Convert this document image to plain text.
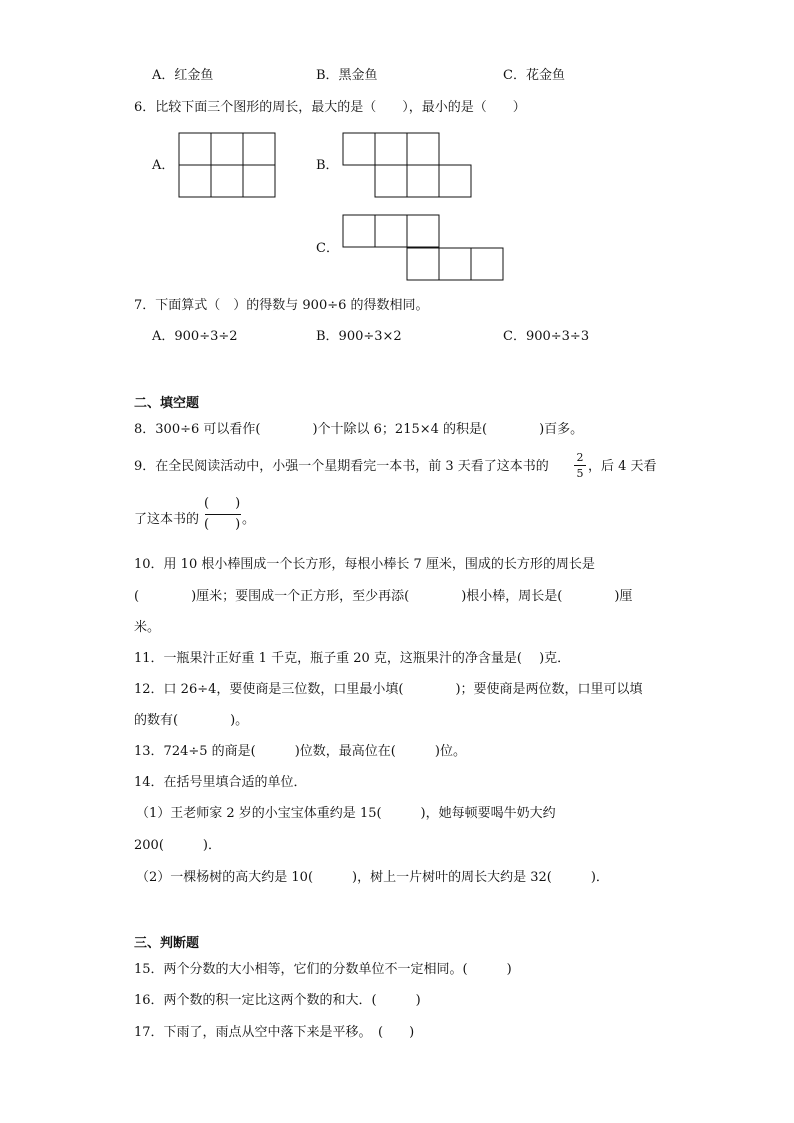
A．红金鱼	B．黑金鱼	C．花金鱼
6．比较下面三个图形的周长，最大的是（　　），最小的是（　　）
A．	B．
C．
7．下面算式（　）的得数与 900÷6 的得数相同。
A．900÷3÷2	B．900÷3×2	C．900÷3÷3
二、填空题
8．300÷6 可以看作(　　　　)个十除以 6；215×4 的积是(　　　　)百多。
9．在全民阅读活动中，小强一个星期看完一本书，前 3 天看了这本书的
2
5 ，后 4 天看
了这本书的
(　　)
(　　) 。
10．用 10 根小棒围成一个长方形，每根小棒长 7 厘米，围成的长方形的周长是
(　　　　)厘米；要围成一个正方形，至少再添(　　　　)根小棒，周长是(　　　　)厘
米。
11．一瓶果汁正好重 1 千克，瓶子重 20 克，这瓶果汁的净含量是(　 )克．
12．口 26÷4，要使商是三位数，口里最小填(　　　　)；要使商是两位数，口里可以填
的数有(　　　　)。
13．724÷5 的商是(　　　)位数，最高位在(　　　)位。
14．在括号里填合适的单位．
（1）王老师家 2 岁的小宝宝体重约是 15(　　　)，她每顿要喝牛奶大约
200(　　　)．
（2）一棵杨树的高大约是 10(　　　)，树上一片树叶的周长大约是 32(　　　)．
三、判断题
15．两个分数的大小相等，它们的分数单位不一定相同。(　　　)
16．两个数的积一定比这两个数的和大．(　　　)
17．下雨了，雨点从空中落下来是平移。　(　　)
